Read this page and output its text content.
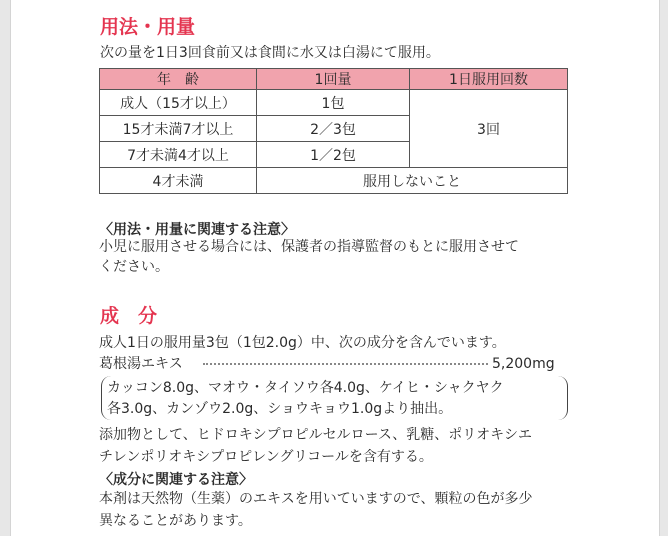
用法・用量
次の量を1日3回食前又は食間に水又は白湯にて服用。
年　齢	1回量	1日服用回数
成人（15才以上）	1包	3回
15才未満7才以上	2／3包	
7才未満4才以上	1／2包	
4才未満	服用しないこと	
〈用法・用量に関連する注意〉
小児に服用させる場合には、保護者の指導監督のもとに服用させて
ください。
成　分
成人1日の服用量3包（1包2.0g）中、次の成分を含んでいます。
葛根湯エキス	5,200mg
カッコン8.0g、マオウ・タイソウ各4.0g、ケイヒ・シャクヤク
各3.0g、カンゾウ2.0g、ショウキョウ1.0gより抽出。
添加物として、ヒドロキシプロピルセルロース、乳糖、ポリオキシエ
チレンポリオキシプロピレングリコールを含有する。
〈成分に関連する注意〉
本剤は天然物（生薬）のエキスを用いていますので、顆粒の色が多少
異なることがあります。
